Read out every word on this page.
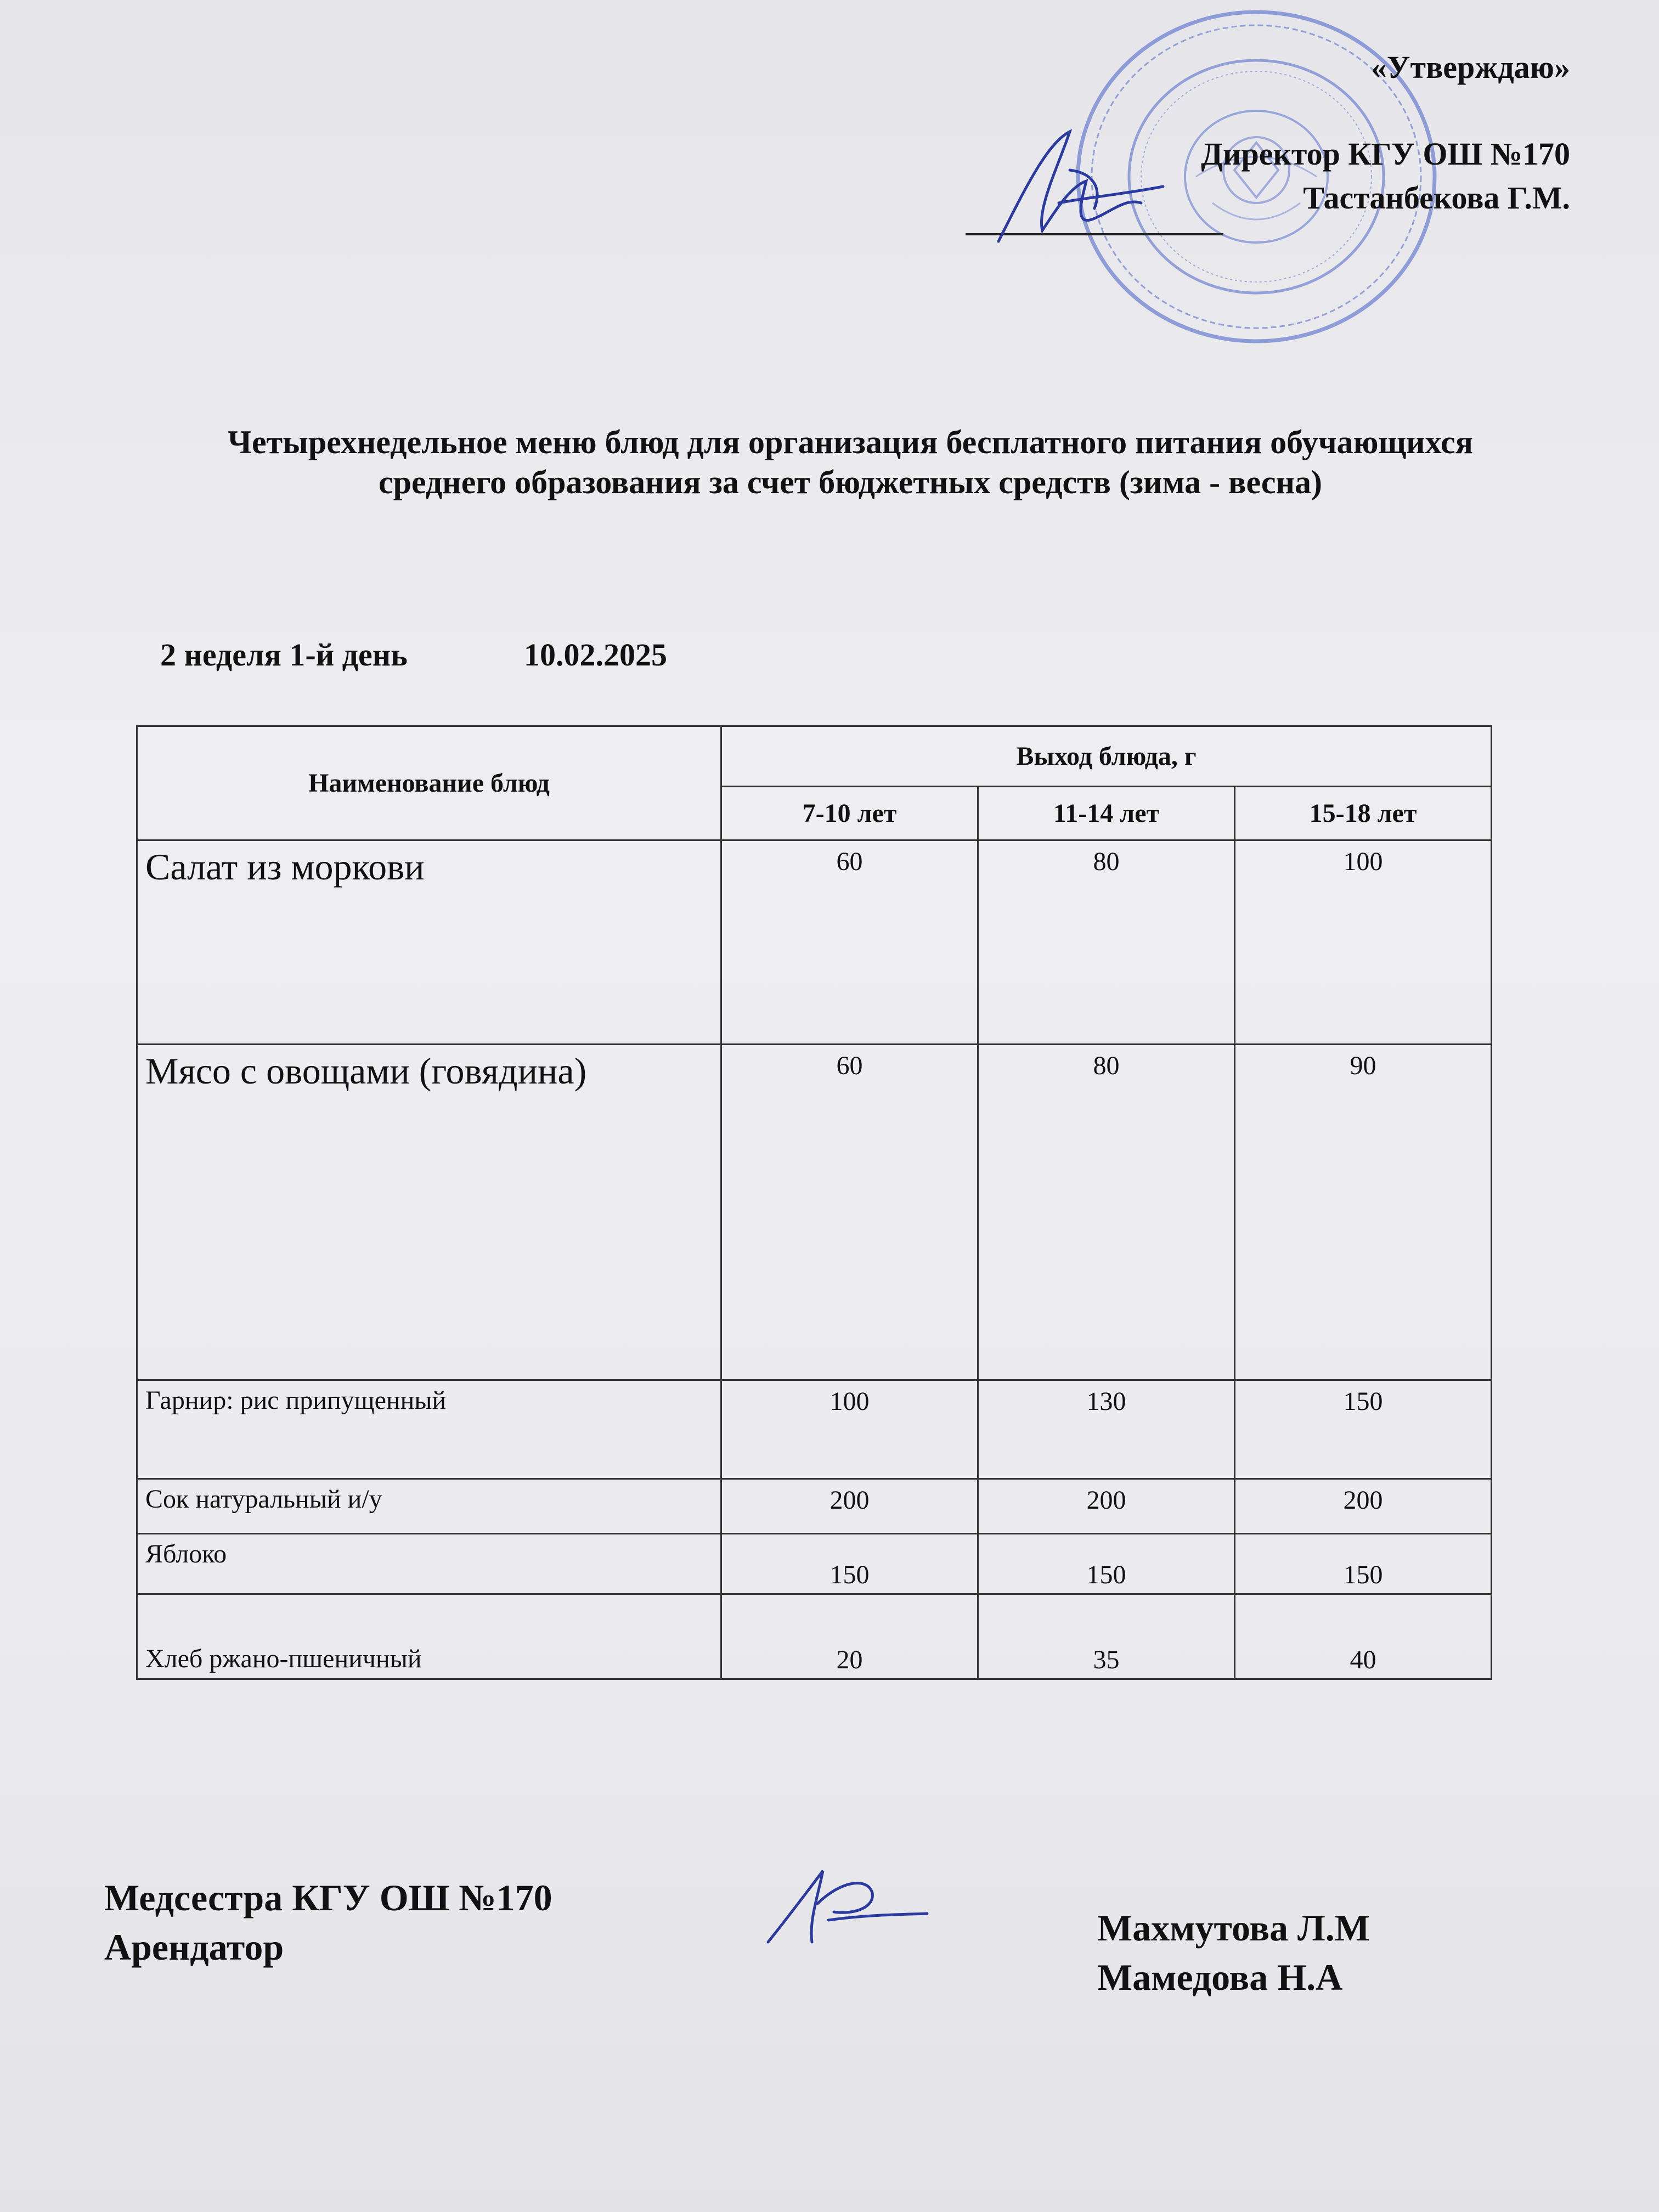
«Утверждаю»
Директор КГУ ОШ №170
Тастанбекова Г.М.
Четырехнедельное меню блюд для организация бесплатного питания обучающихся среднего образования за счет бюджетных средств (зима - весна)
2 неделя 1-й день	10.02.2025
Наименование блюд	Выход блюда, г		
	7-10 лет	11-14 лет	15-18 лет
Салат из моркови	60	80	100
Мясо с овощами (говядина)	60	80	90
Гарнир: рис припущенный	100	130	150
Сок натуральный и/у	200	200	200
Яблоко	150	150	150
Хлеб ржано-пшеничный	20	35	40
Медсестра КГУ ОШ №170
Арендатор	Махмутова Л.М
Мамедова Н.А
